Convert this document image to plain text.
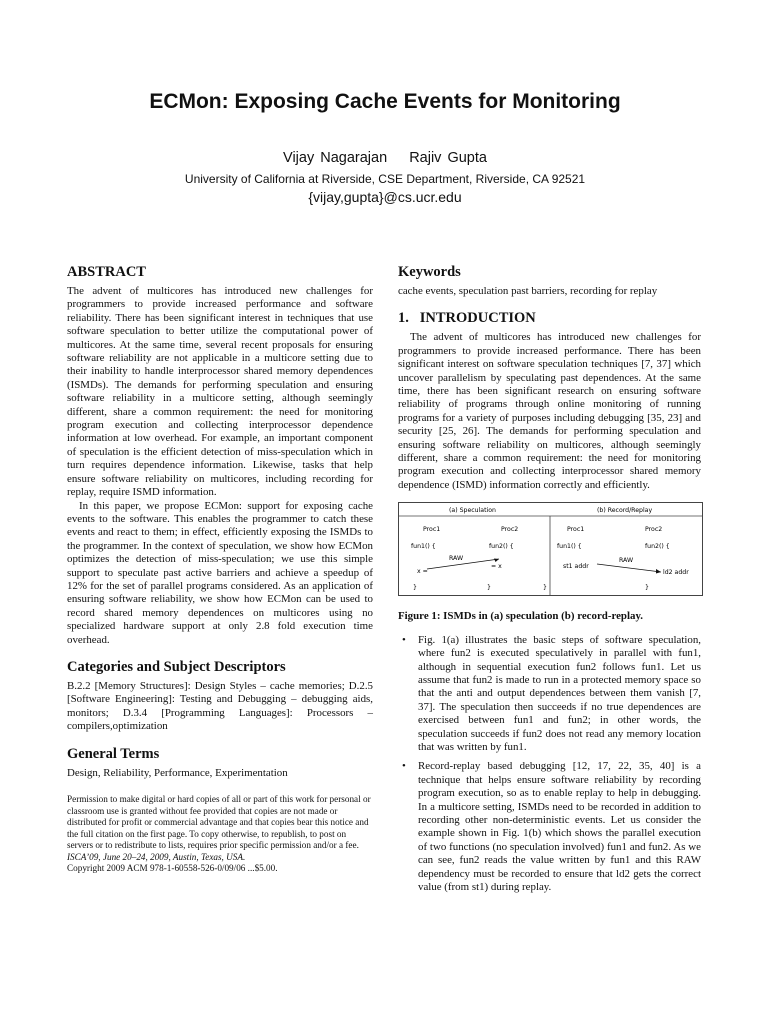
ECMon: Exposing Cache Events for Monitoring
Vijay Nagarajan Rajiv Gupta
University of California at Riverside, CSE Department, Riverside, CA 92521
{vijay,gupta}@cs.ucr.edu
ABSTRACT

The advent of multicores has introduced new challenges for programmers to provide increased performance and software reliability. There has been significant interest in techniques that use software speculation to better utilize the computational power of multicores. At the same time, several recent proposals for ensuring software reliability are not applicable in a multicore setting due to their inability to handle interprocessor shared memory dependences (ISMDs). The demands for performing speculation and ensuring software reliability in a multicore setting, although seemingly different, share a common requirement: the need for monitoring program execution and collecting interprocessor dependence information at low overhead. For example, an important component of speculation is the efficient detection of miss-speculation which in turn requires dependence information. Likewise, tasks that help ensure software reliability on multicores, including recording for replay, require ISMD information.

In this paper, we propose ECMon: support for exposing cache events to the software. This enables the programmer to catch these events and react to them; in effect, efficiently exposing the ISMDs to the programmer. In the context of speculation, we show how ECMon optimizes the detection of miss-speculation; we use this simple support to speculate past active barriers and achieve a speedup of 12% for the set of parallel programs considered. As an application of ensuring software reliability, we show how ECMon can be used to record shared memory dependences on multicores using no specialized hardware support at only 2.8 fold execution time overhead.

Categories and Subject Descriptors

B.2.2 [Memory Structures]: Design Styles – cache memories; D.2.5 [Software Engineering]: Testing and Debugging – debugging aids, monitors; D.3.4 [Programming Languages]: Processors – compilers,optimization

General Terms

Design, Reliability, Performance, Experimentation

Permission to make digital or hard copies of all or part of this work for personal or classroom use is granted without fee provided that copies are not made or distributed for profit or commercial advantage and that copies bear this notice and the full citation on the first page. To copy otherwise, to republish, to post on servers or to redistribute to lists, requires prior specific permission and/or a fee.
ISCA’09, June 20–24, 2009, Austin, Texas, USA.
Copyright 2009 ACM 978-1-60558-526-0/09/06 ...$5.00.
Keywords

cache events, speculation past barriers, recording for replay

1.   INTRODUCTION

The advent of multicores has introduced new challenges for programmers to provide increased performance. There has been significant interest on software speculation techniques [7, 37] which uncover parallelism by speculating past dependences. At the same time, there has been significant research on ensuring software reliability of programs through online monitoring of running programs for a variety of purposes including debugging [35, 23] and security [25, 26]. The demands for performing speculation and ensuring software reliability on multicores, although seemingly different, share a common requirement: the need for monitoring program execution and collecting interprocessor shared memory dependence (ISMD) information correctly and efficiently.

(a) Speculation	(b) Record/Replay
Proc1	Proc2
fun1() {	fun2() {
RAW
= x
x =
}	}
Proc1	Proc2
fun1() {	fun2() {
RAW
st1 addr
ld2 addr
}	}
Figure 1: ISMDs in (a) speculation (b) record-replay.
• Fig. 1(a) illustrates the basic steps of software speculation, where fun2 is executed speculatively in parallel with fun1, although in sequential execution fun2 follows fun1. Let us assume that fun2 is made to run in a protected memory space so that the anti and output dependences between them vanish [7, 37]. The speculation then succeeds if no true dependences are exercised between fun1 and fun2; in other words, the speculation succeeds if fun2 does not read any memory location that was written by fun1.
• Record-replay based debugging [12, 17, 22, 35, 40] is a technique that helps ensure software reliability by recording program execution, so as to enable replay to help in debugging. In a multicore setting, ISMDs need to be recorded in addition to recording other non-deterministic events. Let us consider the example shown in Fig. 1(b) which shows the parallel execution of two functions (no speculation involved) fun1 and fun2. As we can see, fun2 reads the value written by fun1 and this RAW dependency must be recorded to ensure that ld2 gets the correct value (from st1) during replay.
